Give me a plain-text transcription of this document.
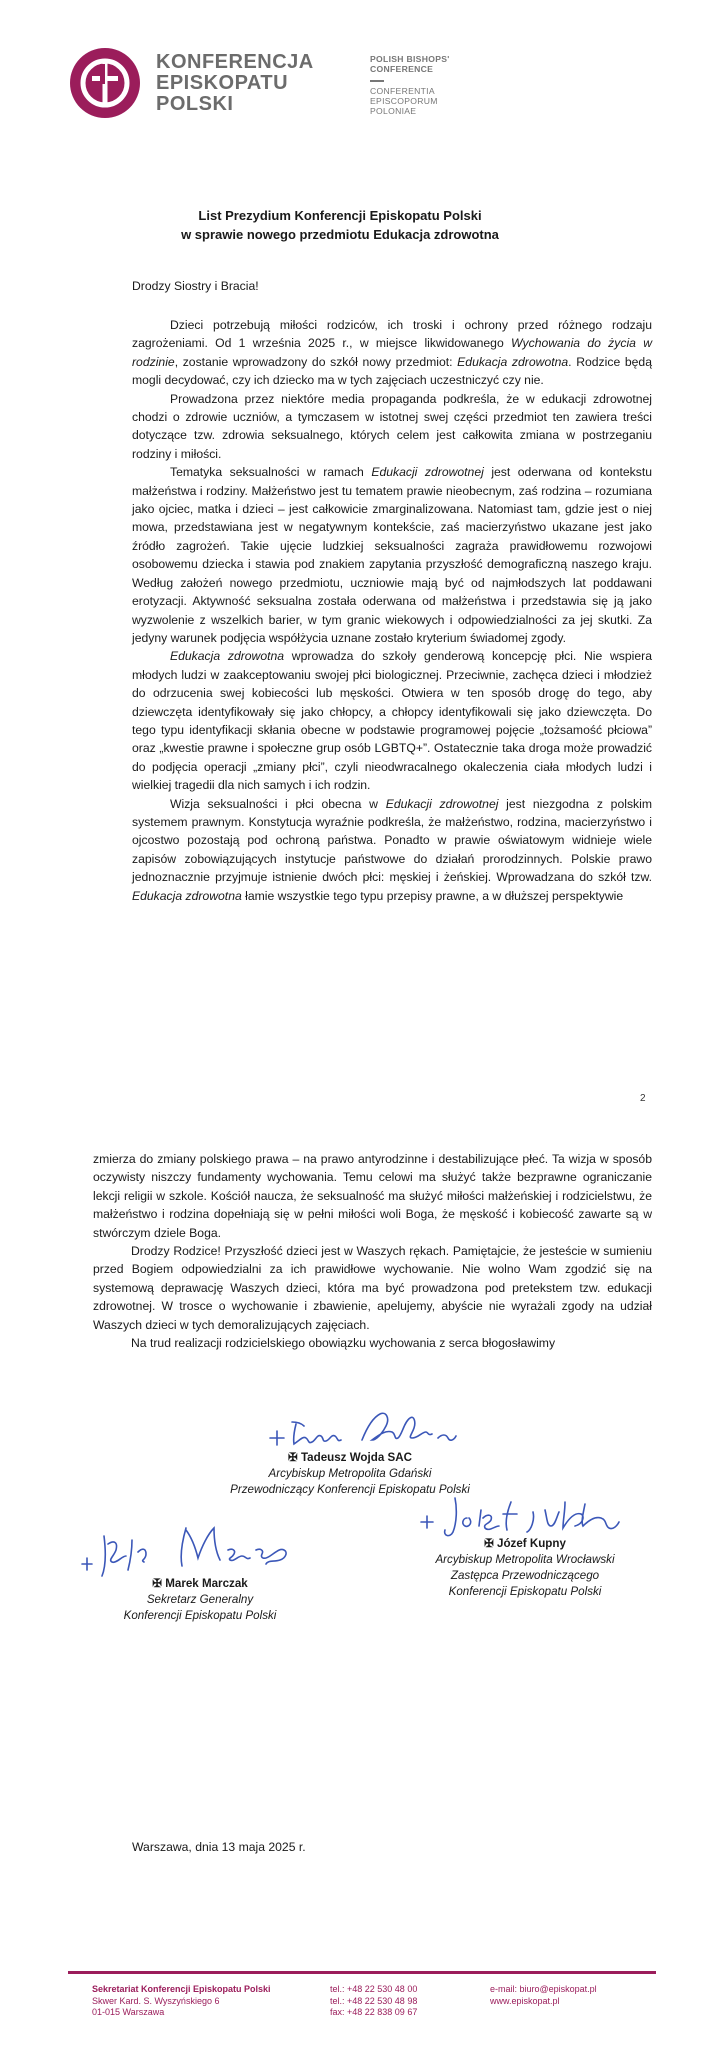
KONFERENCJA
EPISKOPATU
POLSKI
POLISH BISHOPS'
CONFERENCE
CONFERENTIA
EPISCOPORUM
POLONIAE
List Prezydium Konferencji Episkopatu Polski
w sprawie nowego przedmiotu Edukacja zdrowotna
Drodzy Siostry i Bracia!

Dzieci potrzebują miłości rodziców, ich troski i ochrony przed różnego rodzaju zagrożeniami. Od 1 września 2025 r., w miejsce likwidowanego Wychowania do życia w rodzinie, zostanie wprowadzony do szkół nowy przedmiot: Edukacja zdrowotna. Rodzice będą mogli decydować, czy ich dziecko ma w tych zajęciach uczestniczyć czy nie.

Prowadzona przez niektóre media propaganda podkreśla, że w edukacji zdrowotnej chodzi o zdrowie uczniów, a tymczasem w istotnej swej części przedmiot ten zawiera treści dotyczące tzw. zdrowia seksualnego, których celem jest całkowita zmiana w postrzeganiu rodziny i miłości.

Tematyka seksualności w ramach Edukacji zdrowotnej jest oderwana od kontekstu małżeństwa i rodziny. Małżeństwo jest tu tematem prawie nieobecnym, zaś rodzina – rozumiana jako ojciec, matka i dzieci – jest całkowicie zmarginalizowana. Natomiast tam, gdzie jest o niej mowa, przedstawiana jest w negatywnym kontekście, zaś macierzyństwo ukazane jest jako źródło zagrożeń. Takie ujęcie ludzkiej seksualności zagraża prawidłowemu rozwojowi osobowemu dziecka i stawia pod znakiem zapytania przyszłość demograficzną naszego kraju. Według założeń nowego przedmiotu, uczniowie mają być od najmłodszych lat poddawani erotyzacji. Aktywność seksualna została oderwana od małżeństwa i przedstawia się ją jako wyzwolenie z wszelkich barier, w tym granic wiekowych i odpowiedzialności za jej skutki. Za jedyny warunek podjęcia współżycia uznane zostało kryterium świadomej zgody.

Edukacja zdrowotna wprowadza do szkoły genderową koncepcję płci. Nie wspiera młodych ludzi w zaakceptowaniu swojej płci biologicznej. Przeciwnie, zachęca dzieci i młodzież do odrzucenia swej kobiecości lub męskości. Otwiera w ten sposób drogę do tego, aby dziewczęta identyfikowały się jako chłopcy, a chłopcy identyfikowali się jako dziewczęta. Do tego typu identyfikacji skłania obecne w podstawie programowej pojęcie „tożsamość płciowa” oraz „kwestie prawne i społeczne grup osób LGBTQ+”. Ostatecznie taka droga może prowadzić do podjęcia operacji „zmiany płci”, czyli nieodwracalnego okaleczenia ciała młodych ludzi i wielkiej tragedii dla nich samych i ich rodzin.

Wizja seksualności i płci obecna w Edukacji zdrowotnej jest niezgodna z polskim systemem prawnym. Konstytucja wyraźnie podkreśla, że małżeństwo, rodzina, macierzyństwo i ojcostwo pozostają pod ochroną państwa. Ponadto w prawie oświatowym widnieje wiele zapisów zobowiązujących instytucje państwowe do działań prorodzinnych. Polskie prawo jednoznacznie przyjmuje istnienie dwóch płci: męskiej i żeńskiej. Wprowadzana do szkół tzw. Edukacja zdrowotna łamie wszystkie tego typu przepisy prawne, a w dłuższej perspektywie

2

zmierza do zmiany polskiego prawa – na prawo antyrodzinne i destabilizujące płeć. Ta wizja w sposób oczywisty niszczy fundamenty wychowania. Temu celowi ma służyć także bezprawne ograniczanie lekcji religii w szkole. Kościół naucza, że seksualność ma służyć miłości małżeńskiej i rodzicielstwu, że małżeństwo i rodzina dopełniają się w pełni miłości woli Boga, że męskość i kobiecość zawarte są w stwórczym dziele Boga.

Drodzy Rodzice! Przyszłość dzieci jest w Waszych rękach. Pamiętajcie, że jesteście w sumieniu przed Bogiem odpowiedzialni za ich prawidłowe wychowanie. Nie wolno Wam zgodzić się na systemową deprawację Waszych dzieci, która ma być prowadzona pod pretekstem tzw. edukacji zdrowotnej. W trosce o wychowanie i zbawienie, apelujemy, abyście nie wyrażali zgody na udział Waszych dzieci w tych demoralizujących zajęciach.

Na trud realizacji rodzicielskiego obowiązku wychowania z serca błogosławimy

✠ Tadeusz Wojda SAC
Arcybiskup Metropolita Gdański
Przewodniczący Konferencji Episkopatu Polski
✠ Józef Kupny
Arcybiskup Metropolita Wrocławski
Zastępca Przewodniczącego
Konferencji Episkopatu Polski
✠ Marek Marczak
Sekretarz Generalny
Konferencji Episkopatu Polski
Warszawa, dnia 13 maja 2025 r.
Sekretariat Konferencji Episkopatu Polski
Skwer Kard. S. Wyszyńskiego 6
01-015 Warszawa
tel.: +48 22 530 48 00
tel.: +48 22 530 48 98
fax: +48 22 838 09 67
e-mail: biuro@episkopat.pl
www.episkopat.pl
